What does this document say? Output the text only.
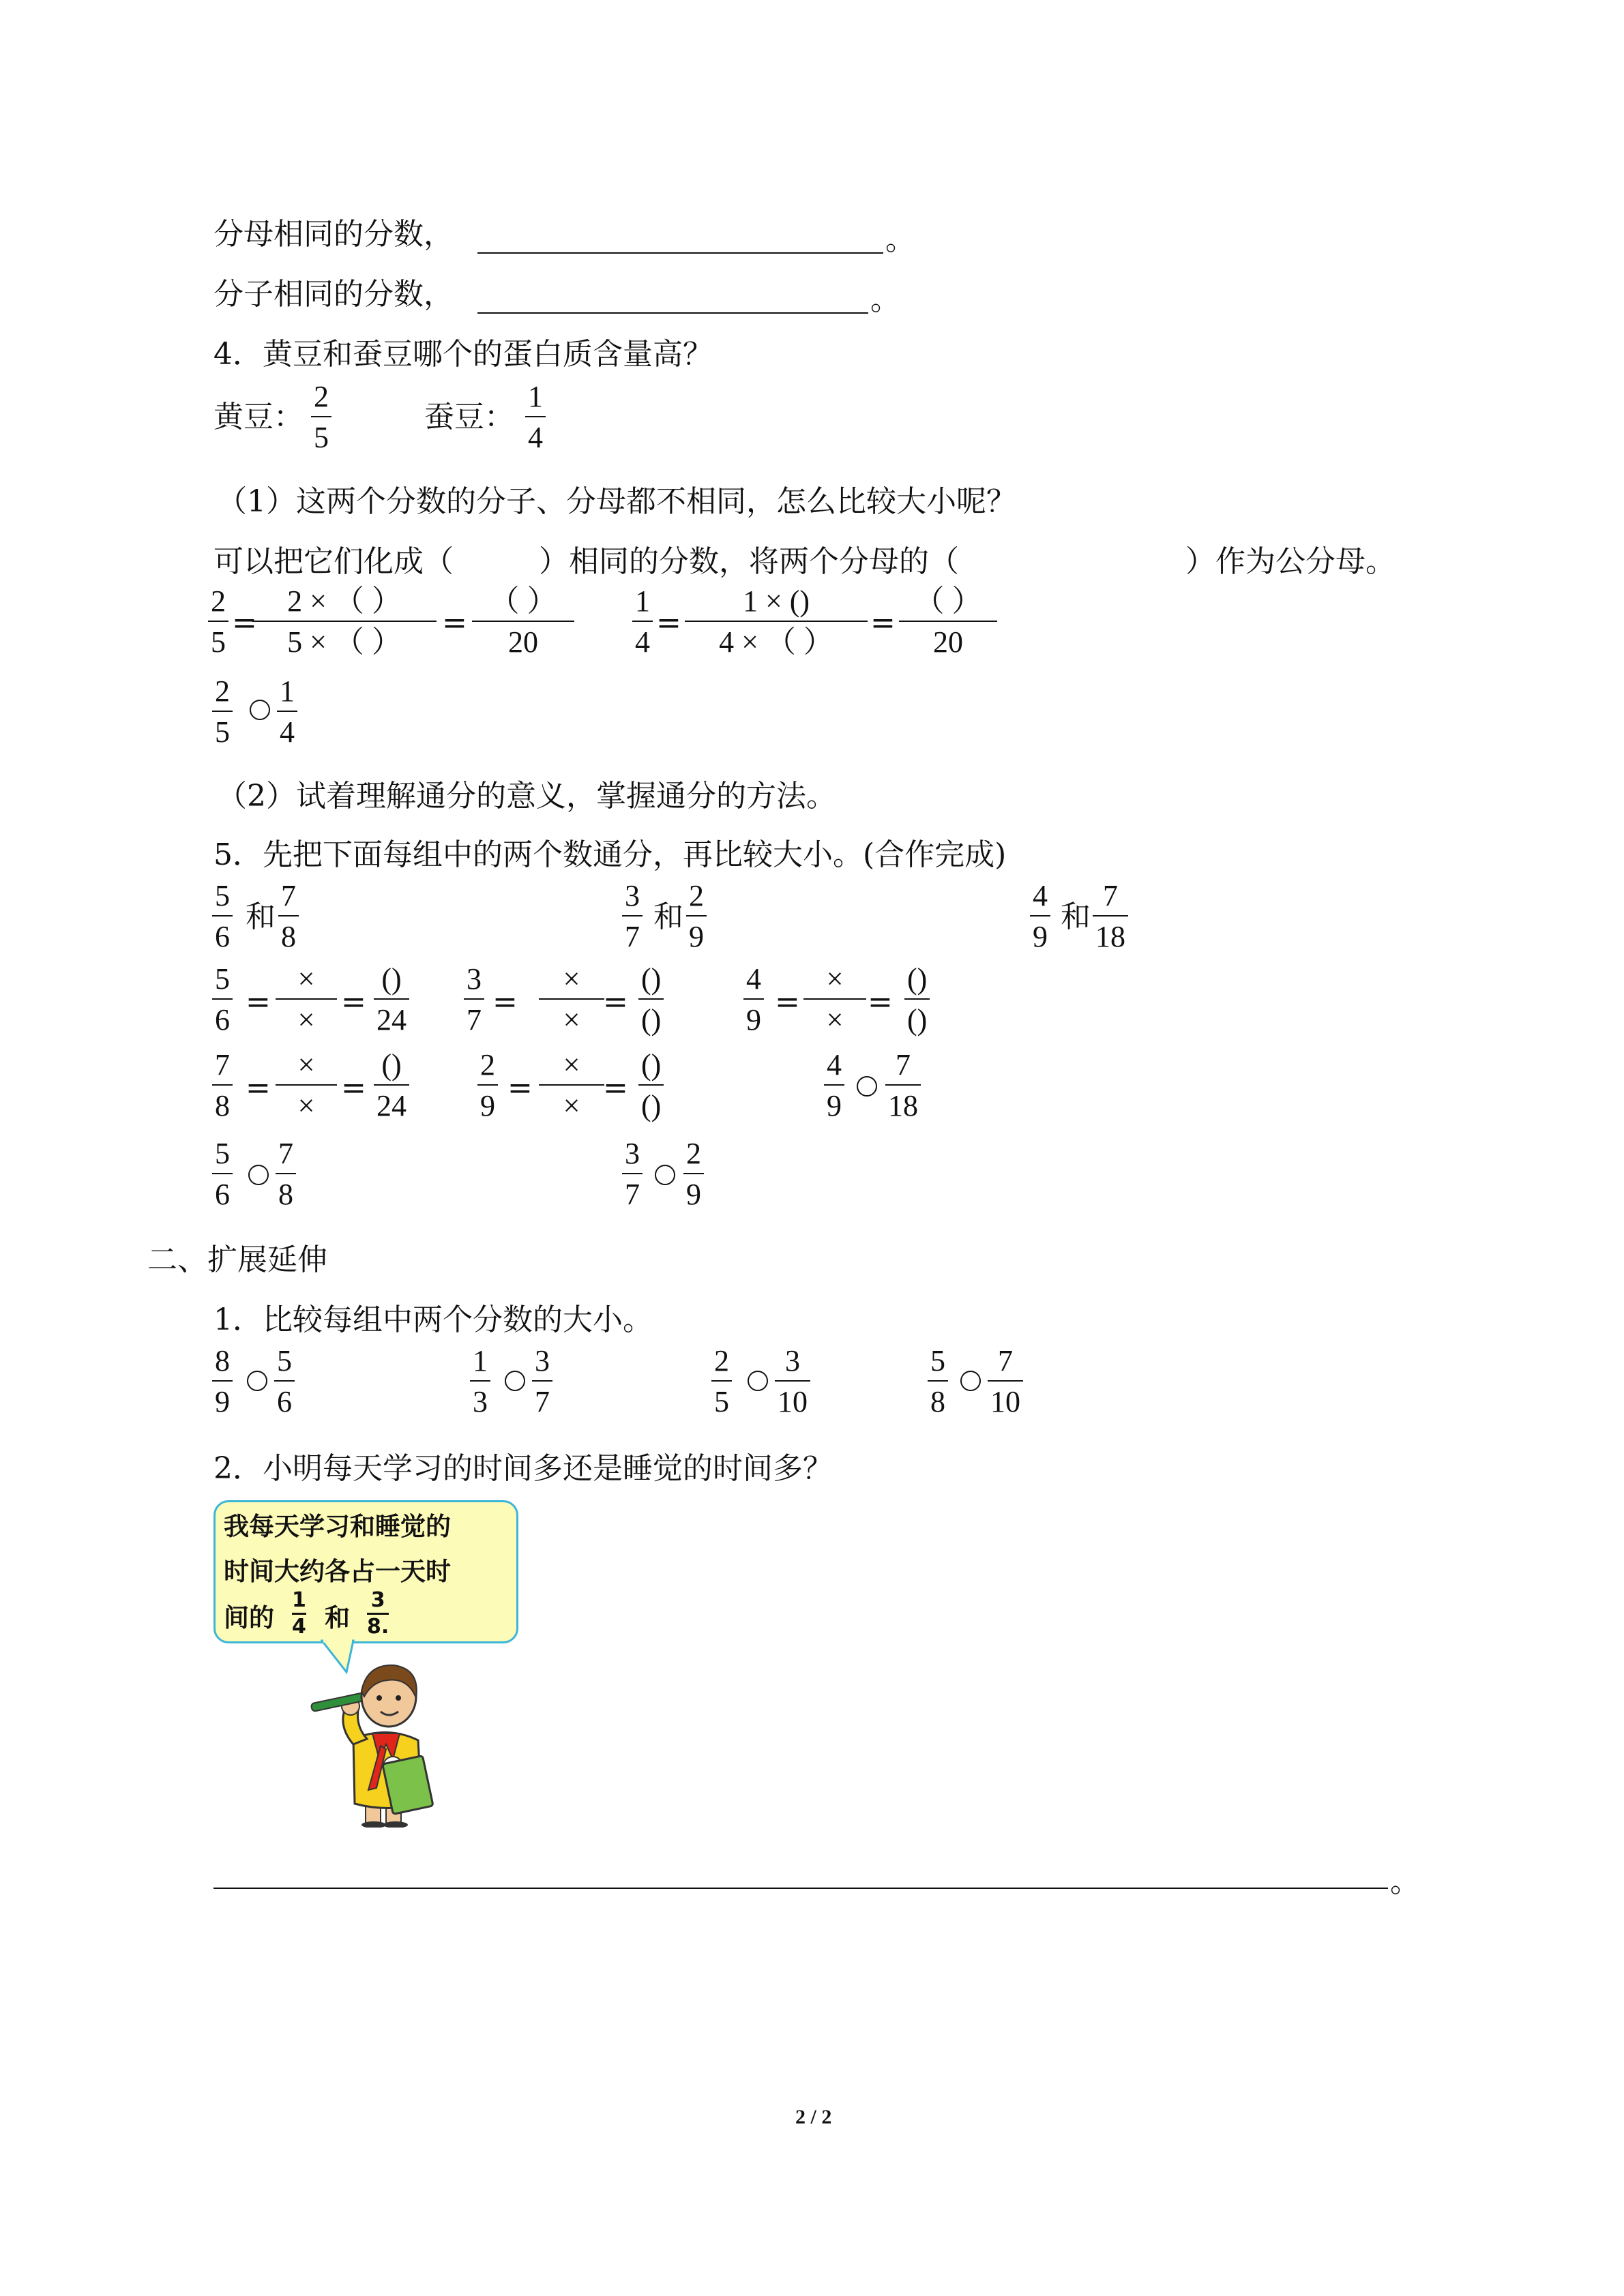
分母相同的分数，	。
分子相同的分数，	。
4．黄豆和蚕豆哪个的蛋白质含量高？
黄豆：
2
5
蚕豆：
1
4
（1）这两个分数的分子、分母都不相同，怎么比较大小呢？
可以把它们化成（	）相同的分数，将两个分母的（	）作为公分母。
2
5
=
2 × （ ）
5 × （ ）
=
（ ）
20
1
4
=
1 × ()
4 × （ ）
=
（ ）
20
2
5
1
4
（2）试着理解通分的意义，掌握通分的方法。
5．先把下面每组中的两个数通分，再比较大小。(合作完成)
5
6
和
7
8
3
7
和
2
9
4
9
和
7
18
5
6
=
×
×
=
()
24
3
7
=
×
×
=
()
()
4
9
=
×
×
=
()
()
7
8
=
×
×
=
()
24
2
9
=
×
×
=
()
()
4
9
7
18
5
6
7
8
3
7
2
9
二、扩展延伸
1．比较每组中两个分数的大小。
8
9
5
6
1
3
3
7
2
5
3
10
5
8
7
10
2．小明每天学习的时间多还是睡觉的时间多？
我每天学习和睡觉的
时间大约各占一天时
间的
1
4 和
3
8.
。
2 / 2
